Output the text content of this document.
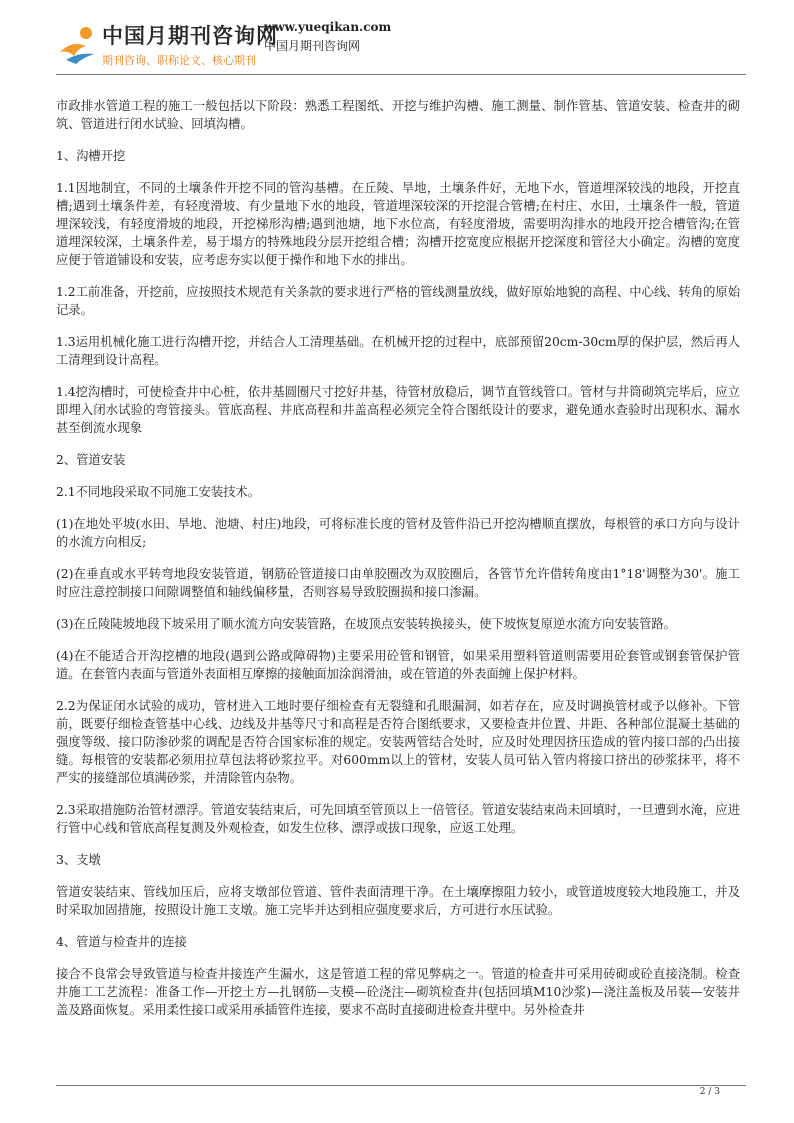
中国月期刊咨询网
期刊咨询、职称论文、核心期刊
www.yueqikan.com
中国月期刊咨询网

市政排水管道工程的施工一般包括以下阶段：熟悉工程图纸、开挖与维护沟槽、施工测量、制作管基、管道安装、检查井的砌筑、管道进行闭水试验、回填沟槽。

1、沟槽开挖

1.1因地制宜，不同的土壤条件开挖不同的管沟基槽。在丘陵、旱地，土壤条件好，无地下水，管道埋深较浅的地段，开挖直槽;遇到土壤条件差，有轻度滑坡、有少量地下水的地段，管道埋深较深的开挖混合管槽;在村庄、水田，土壤条件一般，管道埋深较浅，有轻度滑坡的地段，开挖梯形沟槽;遇到池塘，地下水位高，有轻度滑坡，需要明沟排水的地段开挖合槽管沟;在管道埋深较深，土壤条件差，易于塌方的特殊地段分层开挖组合槽；沟槽开挖宽度应根据开挖深度和管径大小确定。沟槽的宽度应便于管道铺设和安装，应考虑夯实以便于操作和地下水的排出。

1.2工前准备，开挖前，应按照技术规范有关条款的要求进行严格的管线测量放线，做好原始地貌的高程、中心线、转角的原始记录。

1.3运用机械化施工进行沟槽开挖，并结合人工清理基础。在机械开挖的过程中，底部预留20cm-30cm厚的保护层，然后再人工清理到设计高程。

1.4挖沟槽时，可使检查井中心桩，依井基圆圈尺寸挖好井基，待管材放稳后，调节直管线管口。管材与井筒砌筑完毕后，应立即埋入闭水试验的弯管接头。管底高程、井底高程和井盖高程必须完全符合图纸设计的要求，避免通水查验时出现积水、漏水甚至倒流水现象

2、管道安装

2.1不同地段采取不同施工安装技术。

(1)在地处平坡(水田、旱地、池塘、村庄)地段，可将标准长度的管材及管件沿已开挖沟槽顺直摆放，每根管的承口方向与设计的水流方向相反;

(2)在垂直或水平转弯地段安装管道，钢筋砼管道接口由单胶圈改为双胶圈后，各管节允许借转角度由1°18'调整为30'。施工时应注意控制接口间隙调整值和轴线偏移量，否则容易导致胶圈损和接口渗漏。

(3)在丘陵陡坡地段下坡采用了顺水流方向安装管路，在坡顶点安装转换接头，使下坡恢复原逆水流方向安装管路。

(4)在不能适合开沟挖槽的地段(遇到公路或障碍物)主要采用砼管和钢管，如果采用塑料管道则需要用砼套管或钢套管保护管道。在套管内表面与管道外表面相互摩擦的接触面加涂润滑油，或在管道的外表面缠上保护材料。

2.2为保证闭水试验的成功，管材进入工地时要仔细检查有无裂缝和孔眼漏洞，如若存在，应及时调换管材或予以修补。下管前，既要仔细检查管基中心线、边线及井基等尺寸和高程是否符合图纸要求，又要检查井位置、井距、各种部位混凝土基础的强度等级、接口防渗砂浆的调配是否符合国家标准的规定。安装两管结合处时，应及时处理因挤压造成的管内接口部的凸出接缝。每根管的安装都必须用拉草包法将砂浆拉平。对600mm以上的管材，安装人员可钻入管内将接口挤出的砂浆抹平，将不严实的接缝部位填满砂浆，并清除管内杂物。

2.3采取措施防治管材漂浮。管道安装结束后，可先回填至管顶以上一倍管径。管道安装结束尚未回填时，一旦遭到水淹，应进行管中心线和管底高程复测及外观检查，如发生位移、漂浮或拔口现象，应返工处理。

3、支墩

管道安装结束、管线加压后，应将支墩部位管道、管件表面清理干净。在土壤摩擦阻力较小，或管道坡度较大地段施工，并及时采取加固措施，按照设计施工支墩。施工完毕并达到相应强度要求后，方可进行水压试验。

4、管道与检查井的连接

接合不良常会导致管道与检查井接连产生漏水，这是管道工程的常见弊病之一。管道的检查井可采用砖砌或砼直接浇制。检查井施工工艺流程：准备工作—开挖土方—扎钢筋—支模—砼浇注—砌筑检查井(包括回填M10沙浆)—浇注盖板及吊装—安装井盖及路面恢复。采用柔性接口或采用承插管件连接，要求不高时直接砌进检查井壁中。另外检查井

2 / 3
